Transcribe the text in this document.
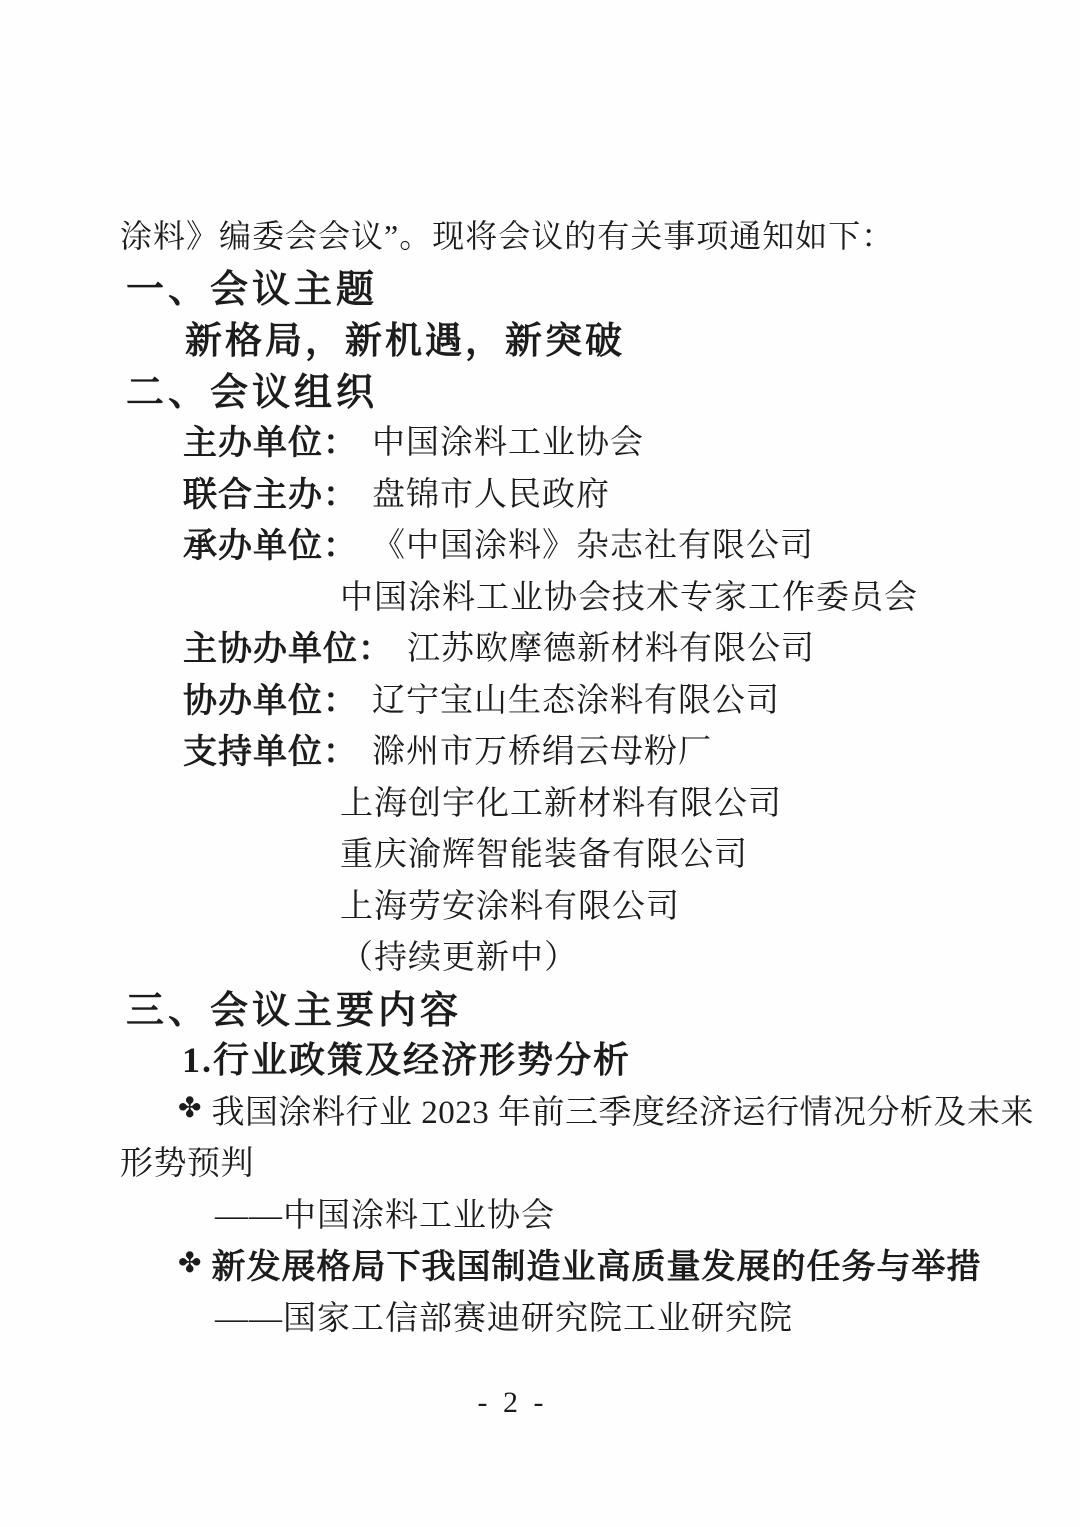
涂料》编委会会议”。现将会议的有关事项通知如下：
一、会议主题
新格局，新机遇，新突破
二、会议组织
主办单位： 中国涂料工业协会
联合主办： 盘锦市人民政府
承办单位： 《中国涂料》杂志社有限公司
中国涂料工业协会技术专家工作委员会
主协办单位： 江苏欧摩德新材料有限公司
协办单位： 辽宁宝山生态涂料有限公司
支持单位： 滁州市万桥绢云母粉厂
上海创宇化工新材料有限公司
重庆渝辉智能装备有限公司
上海劳安涂料有限公司
（持续更新中）
三、会议主要内容
1.行业政策及经济形势分析
✤ 我国涂料行业 2023 年前三季度经济运行情况分析及未来
形势预判
——中国涂料工业协会
✤ 新发展格局下我国制造业高质量发展的任务与举措
——国家工信部赛迪研究院工业研究院
- 2 -
